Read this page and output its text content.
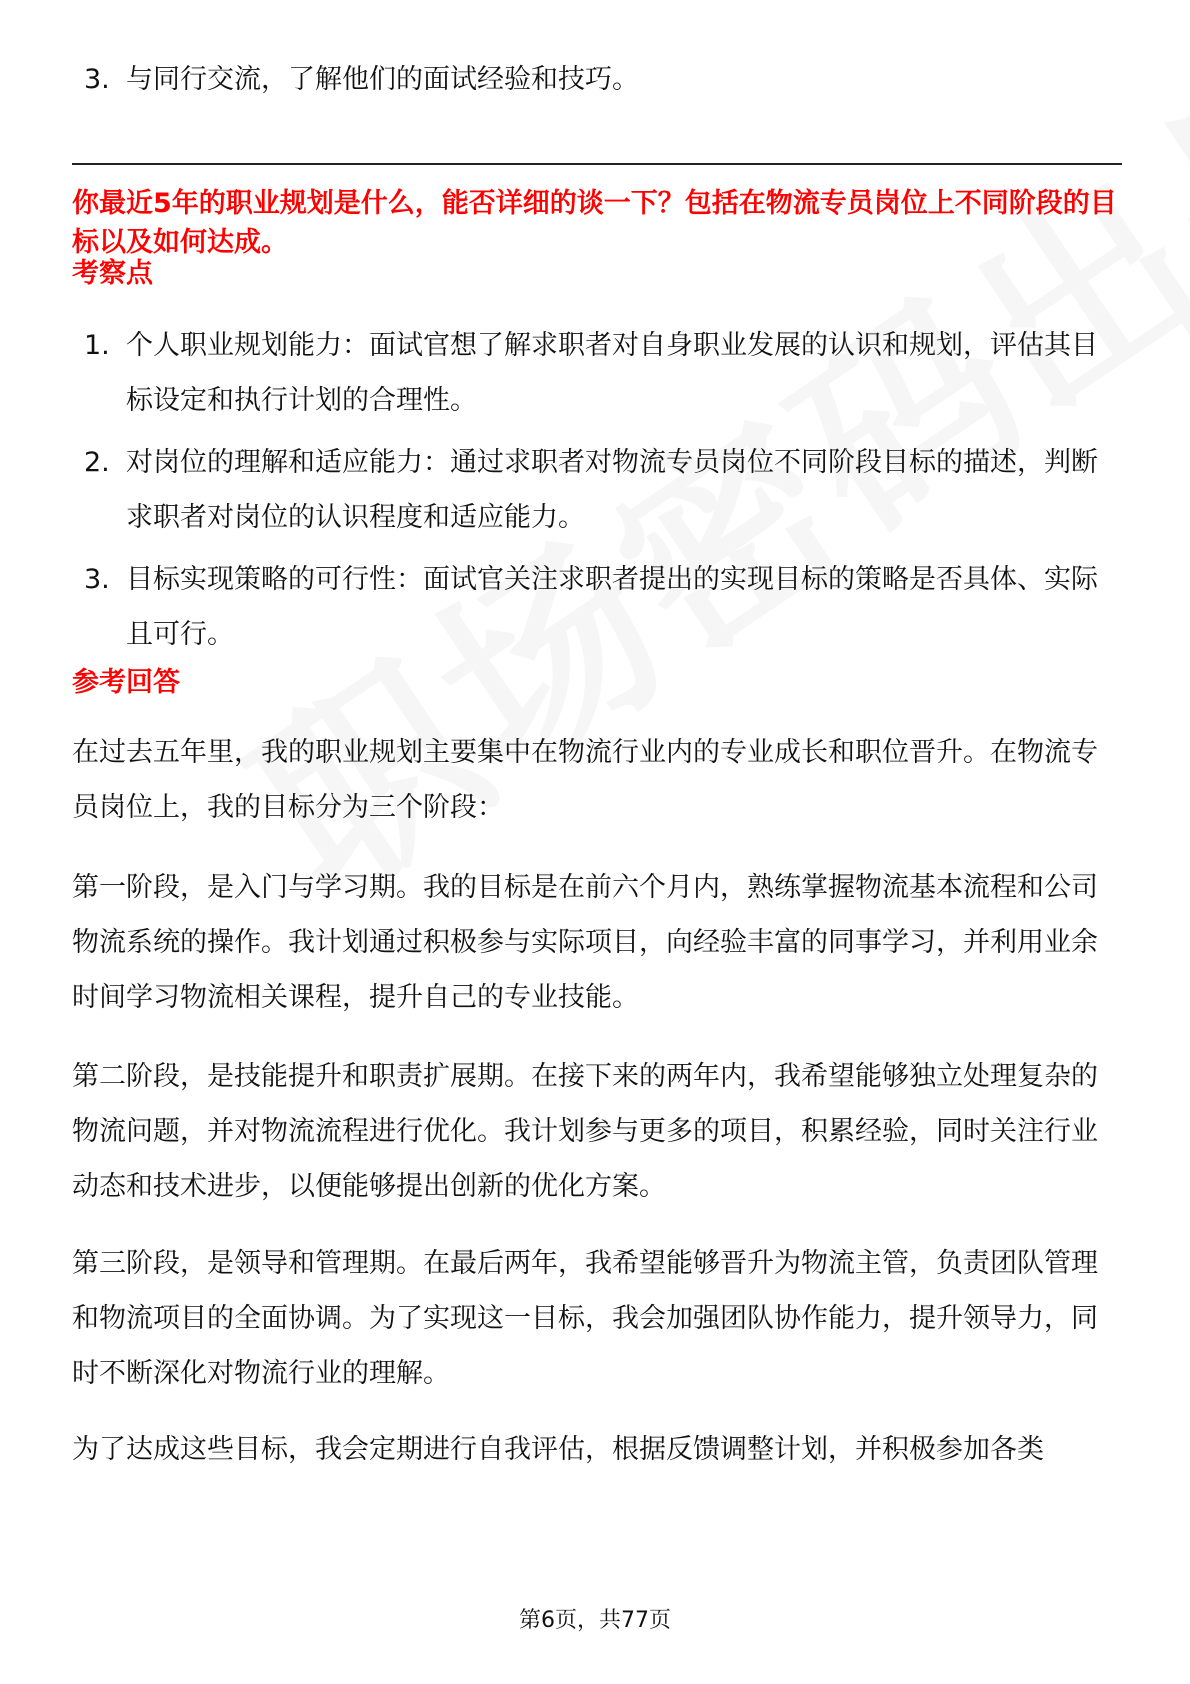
3. 与同行交流，了解他们的面试经验和技巧。
你最近5年的职业规划是什么，能否详细的谈一下？包括在物流专员岗位上不同阶段的目标以及如何达成。
考察点
1. 个人职业规划能力：面试官想了解求职者对自身职业发展的认识和规划，评估其目标设定和执行计划的合理性。
2. 对岗位的理解和适应能力：通过求职者对物流专员岗位不同阶段目标的描述，判断求职者对岗位的认识程度和适应能力。
3. 目标实现策略的可行性：面试官关注求职者提出的实现目标的策略是否具体、实际且可行。
参考回答

在过去五年里，我的职业规划主要集中在物流行业内的专业成长和职位晋升。在物流专员岗位上，我的目标分为三个阶段：

第一阶段，是入门与学习期。我的目标是在前六个月内，熟练掌握物流基本流程和公司物流系统的操作。我计划通过积极参与实际项目，向经验丰富的同事学习，并利用业余时间学习物流相关课程，提升自己的专业技能。

第二阶段，是技能提升和职责扩展期。在接下来的两年内，我希望能够独立处理复杂的物流问题，并对物流流程进行优化。我计划参与更多的项目，积累经验，同时关注行业动态和技术进步，以便能够提出创新的优化方案。

第三阶段，是领导和管理期。在最后两年，我希望能够晋升为物流主管，负责团队管理和物流项目的全面协调。为了实现这一目标，我会加强团队协作能力，提升领导力，同时不断深化对物流行业的理解。

为了达成这些目标，我会定期进行自我评估，根据反馈调整计划，并积极参加各类

第6页，共77页
